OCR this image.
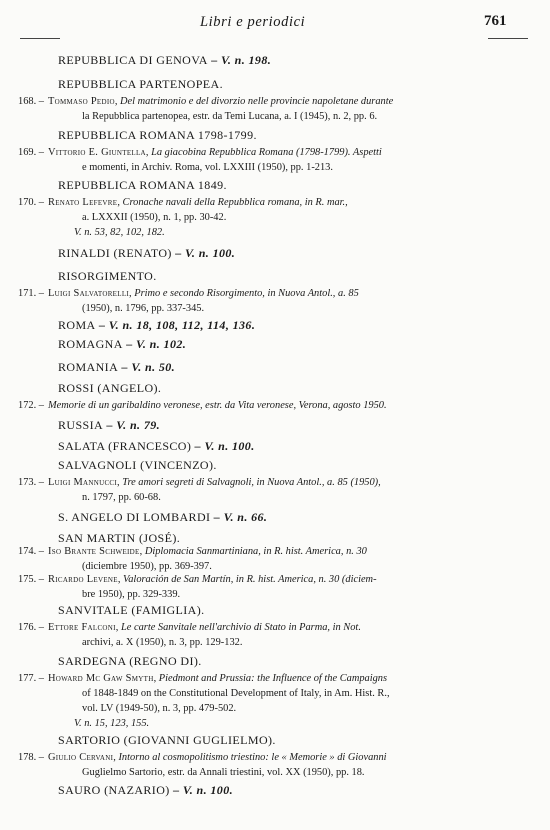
Libri e periodici	761
REPUBBLICA DI GENOVA – V. n. 198.
REPUBBLICA PARTENOPEA.
168. – Tommaso Pedio, Del matrimonio e del divorzio nelle provincie napoletane durante
la Repubblica partenopea, estr. da Temi Lucana, a. I (1945), n. 2, pp. 6.
REPUBBLICA ROMANA 1798-1799.
169. – Vittorio E. Giuntella, La giacobina Repubblica Romana (1798-1799). Aspetti
e momenti, in Archiv. Roma, vol. LXXIII (1950), pp. 1-213.
REPUBBLICA ROMANA 1849.
170. – Renato Lefevre, Cronache navali della Repubblica romana, in R. mar.,
a. LXXXII (1950), n. 1, pp. 30-42.
V. n. 53, 82, 102, 182.
RINALDI (RENATO) – V. n. 100.
RISORGIMENTO.
171. – Luigi Salvatorelli, Primo e secondo Risorgimento, in Nuova Antol., a. 85
(1950), n. 1796, pp. 337-345.
ROMA – V. n. 18, 108, 112, 114, 136.
ROMAGNA – V. n. 102.
ROMANIA – V. n. 50.
ROSSI (ANGELO).
172. – Memorie di un garibaldino veronese, estr. da Vita veronese, Verona, agosto 1950.
RUSSIA – V. n. 79.
SALATA (FRANCESCO) – V. n. 100.
SALVAGNOLI (VINCENZO).
173. – Luigi Mannucci, Tre amori segreti di Salvagnoli, in Nuova Antol., a. 85 (1950),
n. 1797, pp. 60-68.
S. ANGELO DI LOMBARDI – V. n. 66.
SAN MARTIN (JOSÉ).
174. – Iso Brante Schweide, Diplomacia Sanmartiniana, in R. hist. America, n. 30
(diciembre 1950), pp. 369-397.
175. – Ricardo Levene, Valoración de San Martín, in R. hist. America, n. 30 (diciem-
bre 1950), pp. 329-339.
SANVITALE (FAMIGLIA).
176. – Ettore Falconi, Le carte Sanvitale nell'archivio di Stato in Parma, in Not.
archivi, a. X (1950), n. 3, pp. 129-132.
SARDEGNA (REGNO DI).
177. – Howard Mc Gaw Smyth, Piedmont and Prussia: the Influence of the Campaigns
of 1848-1849 on the Constitutional Development of Italy, in Am. Hist. R.,
vol. LV (1949-50), n. 3, pp. 479-502.
V. n. 15, 123, 155.
SARTORIO (GIOVANNI GUGLIELMO).
178. – Giulio Cervani, Intorno al cosmopolitismo triestino: le « Memorie » di Giovanni
Guglielmo Sartorio, estr. da Annali triestini, vol. XX (1950), pp. 18.
SAURO (NAZARIO) – V. n. 100.
